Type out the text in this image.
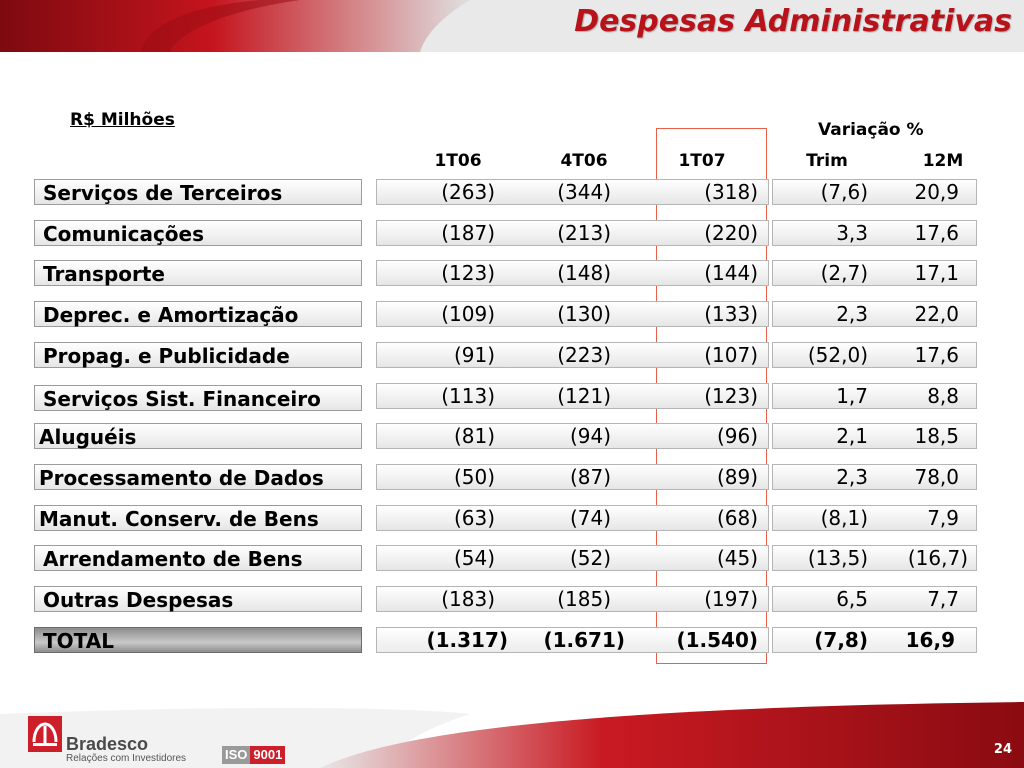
Despesas Administrativas
R$ Milhões	Variação %
1T06	4T06	1T07	Trim	12M
Serviços de Terceiros	(263)	(344)	(318)	(7,6) 20,9
Comunicações	(187)	(213)	(220)	3,3 17,6
Transporte	(123)	(148)	(144)	(2,7) 17,1
Deprec. e Amortização	(109)	(130)	(133)	2,3 22,0
Propag. e Publicidade	(91)	(223)	(107) (52,0) 17,6
Serviços Sist. Financeiro	(113)	(121)	(123)	1,7	8,8
Aluguéis	(81)	(94)	(96)	2,1 18,5
Processamento de Dados	(50)	(87)	(89)	2,3 78,0
Manut. Conserv. de Bens	(63)	(74)	(68)	(8,1)	7,9
Arrendamento de Bens	(54)	(52)	(45) (13,5) (16,7)
Outras Despesas	(183)	(185)	(197)	6,5	7,7
TOTAL	(1.317) (1.671)	(1.540)	(7,8) 16,9
Bradesco
Relações com Investidores	ISO 9001	24
